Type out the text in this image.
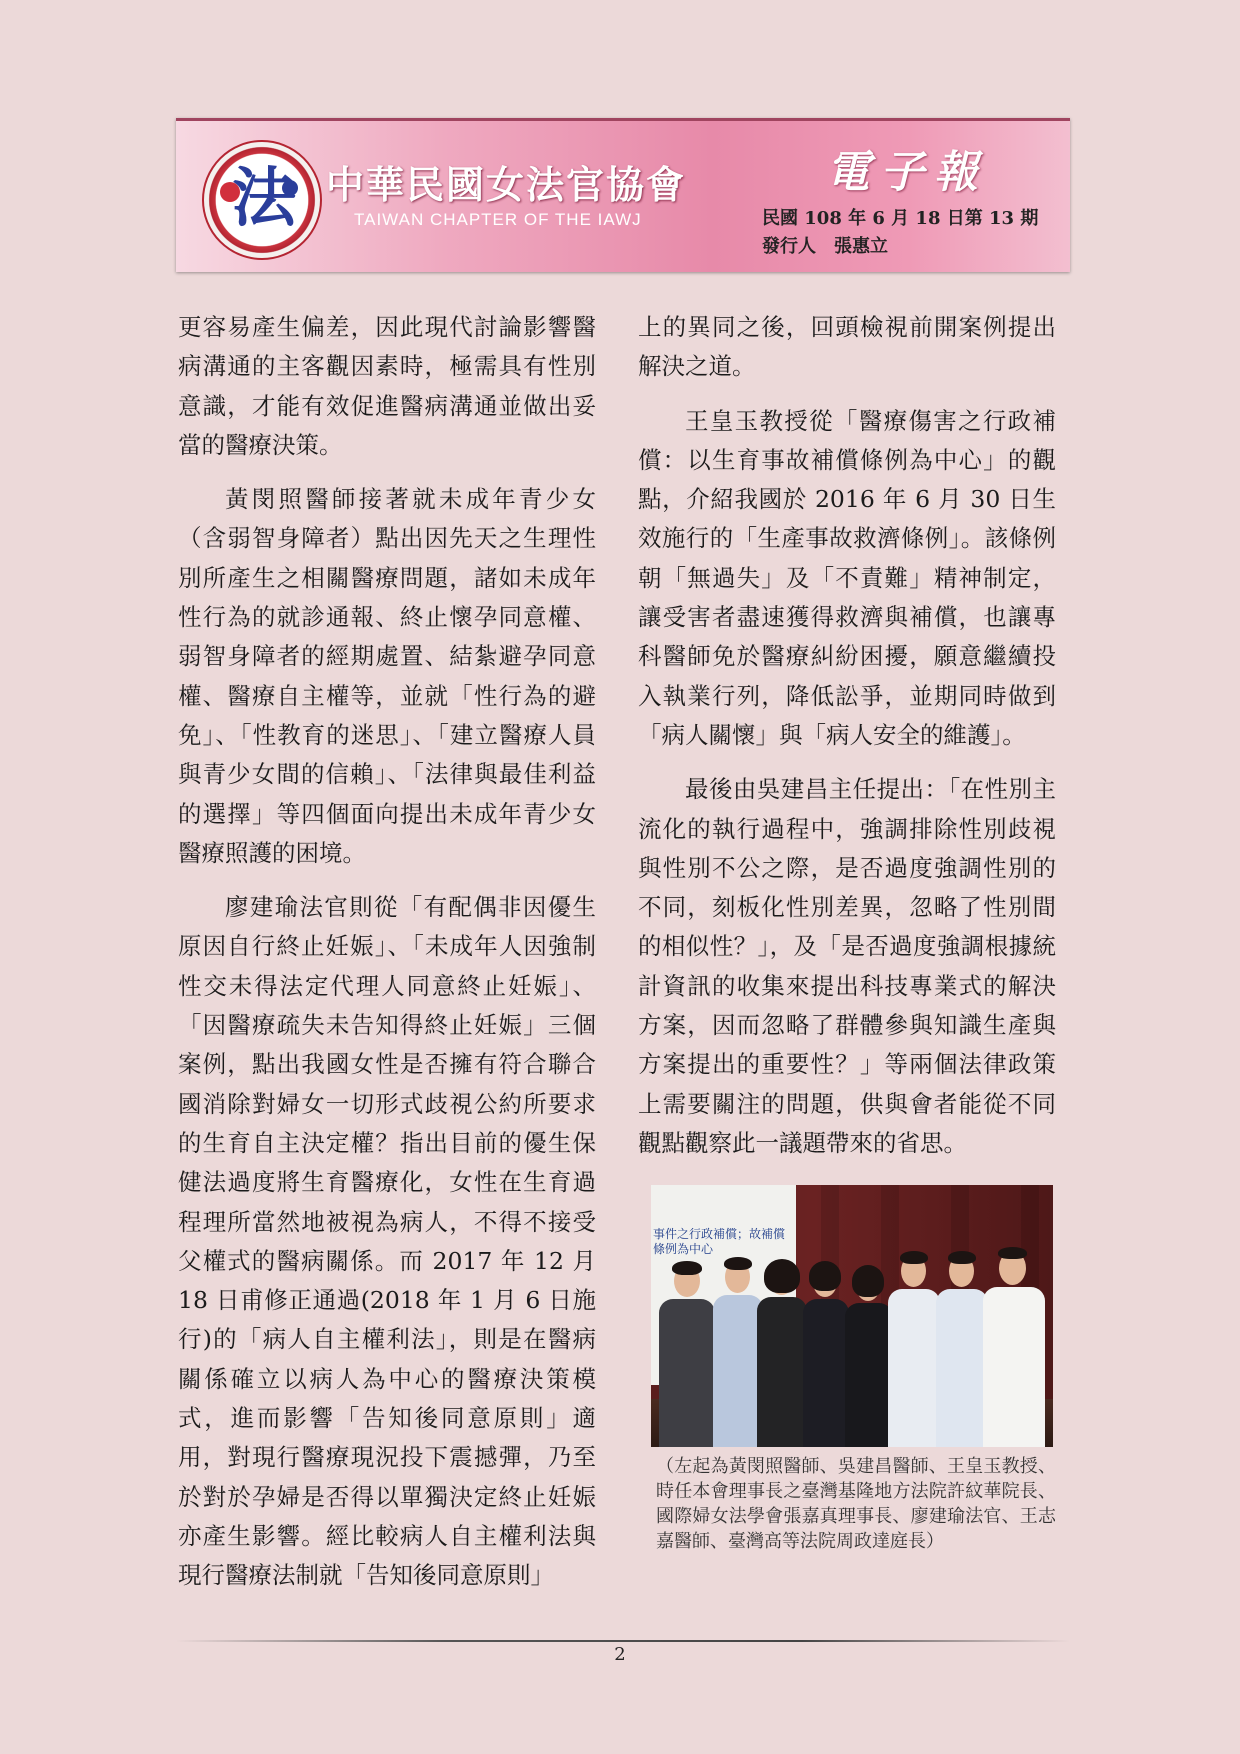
法 中華民國女法官協會
TAIWAN CHAPTER OF THE IAWJ
電子報
民國 108 年 6 月 18 日第 13 期
發行人　張惠立

更容易產生偏差，因此現代討論影響醫病溝通的主客觀因素時，極需具有性別意識，才能有效促進醫病溝通並做出妥當的醫療決策。

黃閔照醫師接著就未成年青少女（含弱智身障者）點出因先天之生理性別所產生之相關醫療問題，諸如未成年性行為的就診通報、終止懷孕同意權、弱智身障者的經期處置、結紮避孕同意權、醫療自主權等，並就「性行為的避免」、「性教育的迷思」、「建立醫療人員與青少女間的信賴」、「法律與最佳利益的選擇」等四個面向提出未成年青少女醫療照護的困境。

廖建瑜法官則從「有配偶非因優生原因自行終止妊娠」、「未成年人因強制性交未得法定代理人同意終止妊娠」、「因醫療疏失未告知得終止妊娠」三個案例，點出我國女性是否擁有符合聯合國消除對婦女一切形式歧視公約所要求的生育自主決定權？指出目前的優生保健法過度將生育醫療化，女性在生育過程理所當然地被視為病人，不得不接受父權式的醫病關係。而 2017 年 12 月 18 日甫修正通過(2018 年 1 月 6 日施行)的「病人自主權利法」，則是在醫病關係確立以病人為中心的醫療決策模式，進而影響「告知後同意原則」適用，對現行醫療現況投下震撼彈，乃至於對於孕婦是否得以單獨決定終止妊娠亦產生影響。經比較病人自主權利法與現行醫療法制就「告知後同意原則」

上的異同之後，回頭檢視前開案例提出解決之道。

王皇玉教授從「醫療傷害之行政補償：以生育事故補償條例為中心」的觀點，介紹我國於 2016 年 6 月 30 日生效施行的「生產事故救濟條例」。該條例朝「無過失」及「不責難」精神制定，讓受害者盡速獲得救濟與補償，也讓專科醫師免於醫療糾紛困擾，願意繼續投入執業行列，降低訟爭，並期同時做到「病人關懷」與「病人安全的維護」。

最後由吳建昌主任提出：「在性別主流化的執行過程中，強調排除性別歧視與性別不公之際，是否過度強調性別的不同，刻板化性別差異，忽略了性別間的相似性？」，及「是否過度強調根據統計資訊的收集來提出科技專業式的解決方案，因而忽略了群體參與知識生產與方案提出的重要性？」等兩個法律政策上需要關注的問題，供與會者能從不同觀點觀察此一議題帶來的省思。

事件之行政補償；故補償條例為中心
（左起為黃閔照醫師、吳建昌醫師、王皇玉教授、時任本會理事長之臺灣基隆地方法院許紋華院長、國際婦女法學會張嘉真理事長、廖建瑜法官、王志嘉醫師、臺灣高等法院周政達庭長）
2
